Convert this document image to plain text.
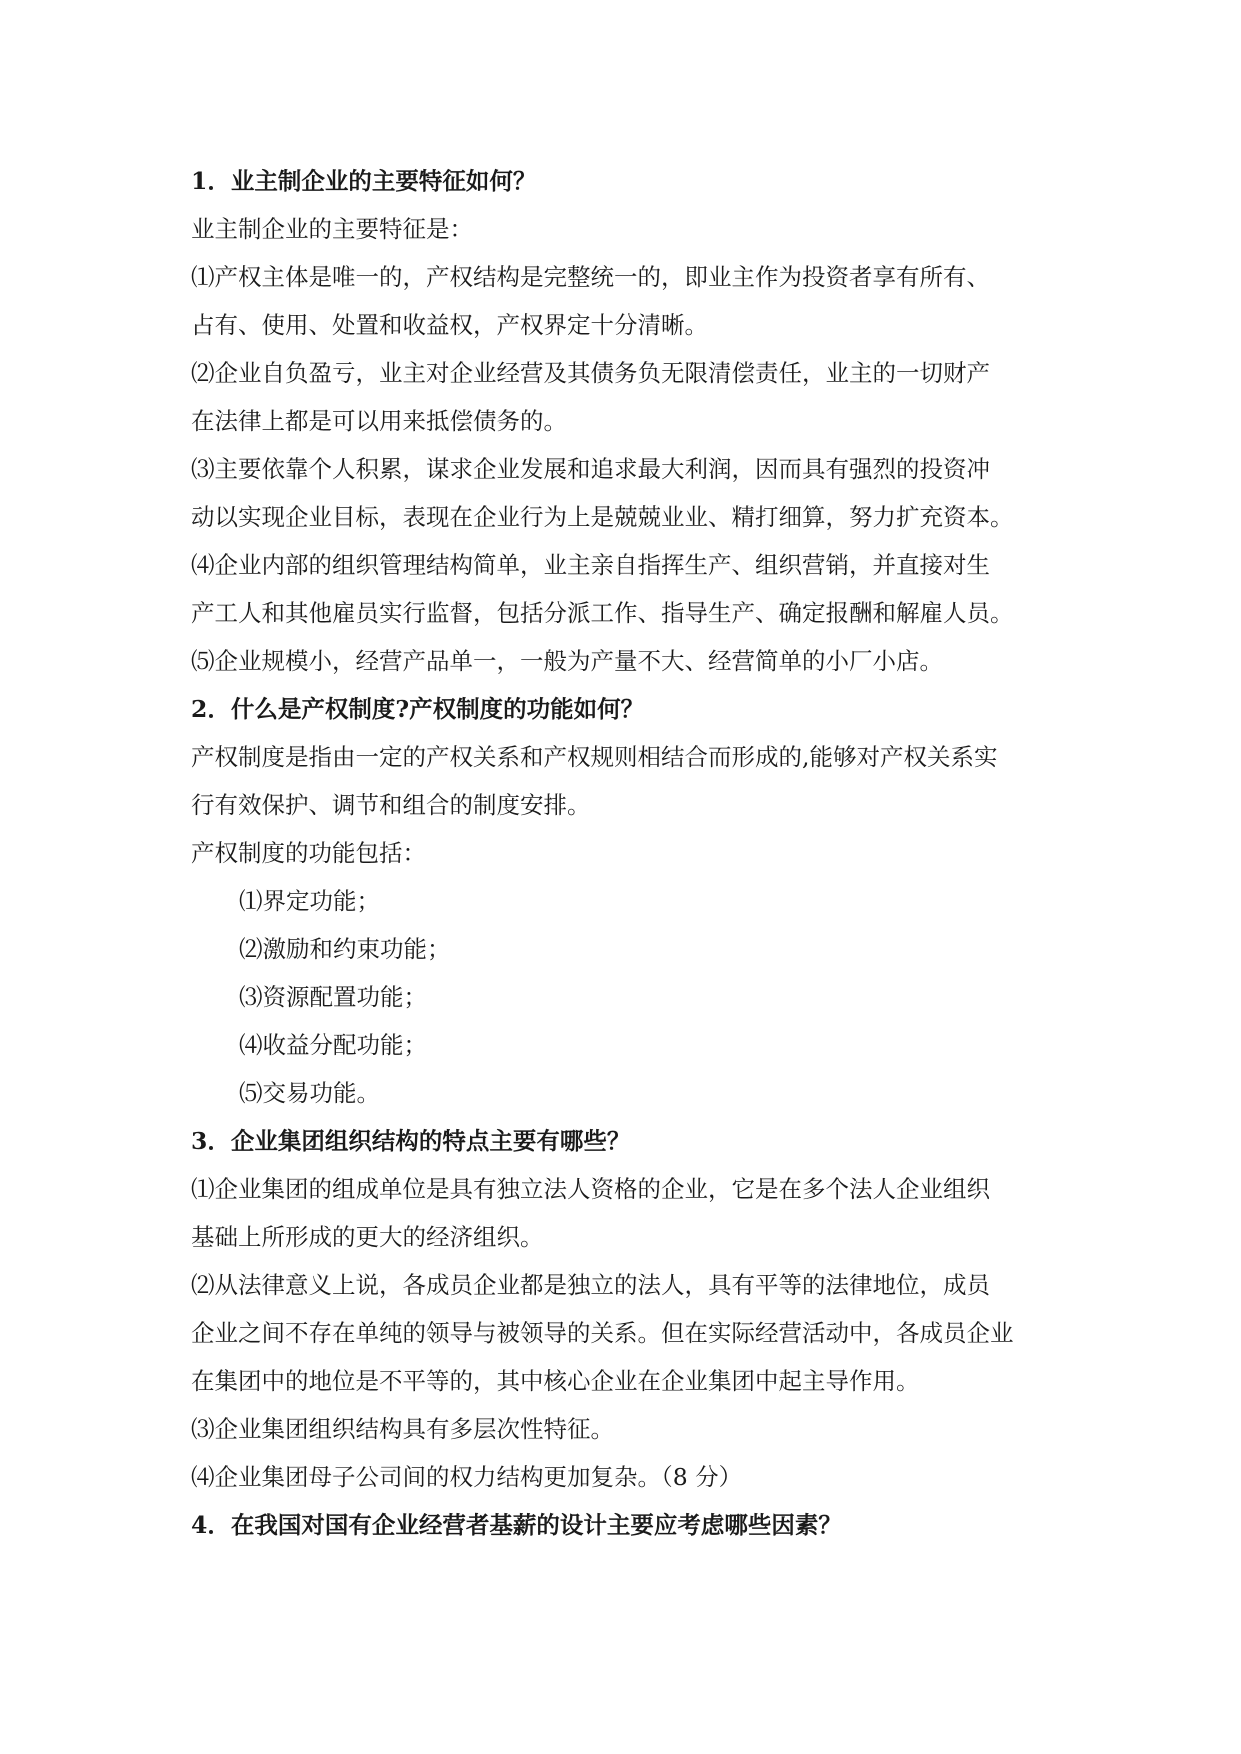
1．业主制企业的主要特征如何？
业主制企业的主要特征是：
⑴产权主体是唯一的，产权结构是完整统一的，即业主作为投资者享有所有、
占有、使用、处置和收益权，产权界定十分清晰。
⑵企业自负盈亏，业主对企业经营及其债务负无限清偿责任，业主的一切财产
在法律上都是可以用来抵偿债务的。
⑶主要依靠个人积累，谋求企业发展和追求最大利润，因而具有强烈的投资冲
动以实现企业目标，表现在企业行为上是兢兢业业、精打细算，努力扩充资本。
⑷企业内部的组织管理结构简单，业主亲自指挥生产、组织营销，并直接对生
产工人和其他雇员实行监督，包括分派工作、指导生产、确定报酬和解雇人员。
⑸企业规模小，经营产品单一，一般为产量不大、经营简单的小厂小店。
2．什么是产权制度?产权制度的功能如何？
产权制度是指由一定的产权关系和产权规则相结合而形成的,能够对产权关系实
行有效保护、调节和组合的制度安排。
产权制度的功能包括：
⑴界定功能；
⑵激励和约束功能；
⑶资源配置功能；
⑷收益分配功能；
⑸交易功能。
3．企业集团组织结构的特点主要有哪些？
⑴企业集团的组成单位是具有独立法人资格的企业，它是在多个法人企业组织
基础上所形成的更大的经济组织。
⑵从法律意义上说，各成员企业都是独立的法人，具有平等的法律地位，成员
企业之间不存在单纯的领导与被领导的关系。但在实际经营活动中，各成员企业
在集团中的地位是不平等的，其中核心企业在企业集团中起主导作用。
⑶企业集团组织结构具有多层次性特征。
⑷企业集团母子公司间的权力结构更加复杂。（8 分）
4．在我国对国有企业经营者基薪的设计主要应考虑哪些因素？
